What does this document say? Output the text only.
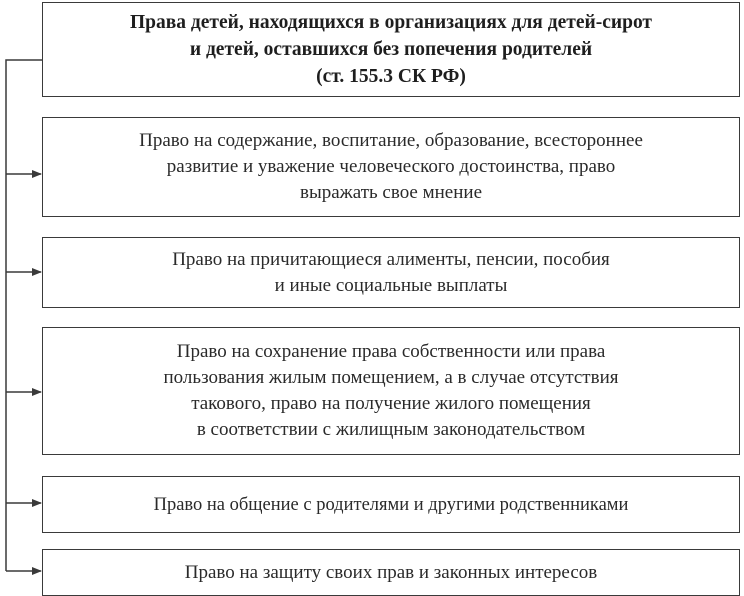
Права детей, находящихся в организациях для детей-сирот
и детей, оставшихся без попечения родителей
(ст. 155.3 СК РФ)
Право на содержание, воспитание, образование, всестороннее
развитие и уважение человеческого достоинства, право
выражать свое мнение
Право на причитающиеся алименты, пенсии, пособия
и иные социальные выплаты
Право на сохранение права собственности или права
пользования жилым помещением, а в случае отсутствия
такового, право на получение жилого помещения
в соответствии с жилищным законодательством
Право на общение с родителями и другими родственниками
Право на защиту своих прав и законных интересов
